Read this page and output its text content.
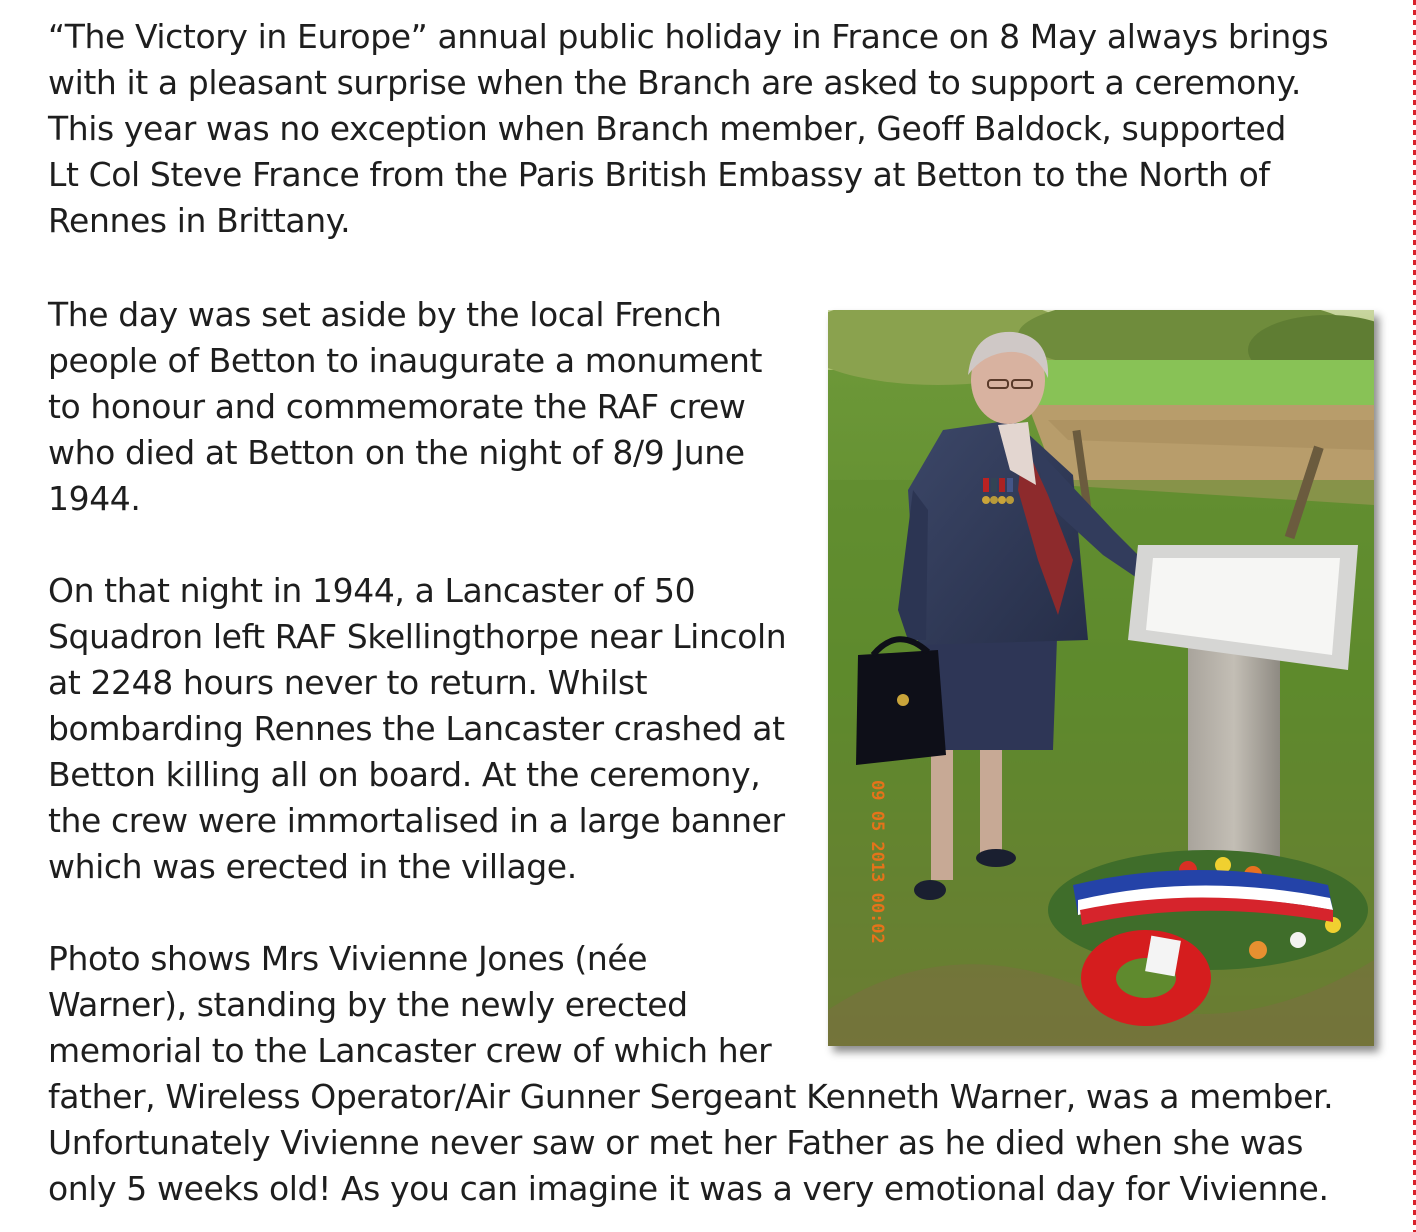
“The Victory in Europe” annual public holiday in France on 8 May always brings
with it a pleasant surprise when the Branch are asked to support a ceremony.
This year was no exception when Branch member, Geoff Baldock, supported
Lt Col Steve France from the Paris British Embassy at Betton to the North of
Rennes in Brittany.
The day was set aside by the local French
people of Betton to inaugurate a monument
to honour and commemorate the RAF crew
who died at Betton on the night of 8/9 June
1944.
On that night in 1944, a Lancaster of 50
Squadron left RAF Skellingthorpe near Lincoln
at 2248 hours never to return. Whilst
bombarding Rennes the Lancaster crashed at
Betton killing all on board. At the ceremony,
the crew were immortalised in a large banner
which was erected in the village.
Photo shows Mrs Vivienne Jones (née
Warner), standing by the newly erected
memorial to the Lancaster crew of which her
father, Wireless Operator/Air Gunner Sergeant Kenneth Warner, was a member.
Unfortunately Vivienne never saw or met her Father as he died when she was
only 5 weeks old! As you can imagine it was a very emotional day for Vivienne.
09 05 2013 00:02
